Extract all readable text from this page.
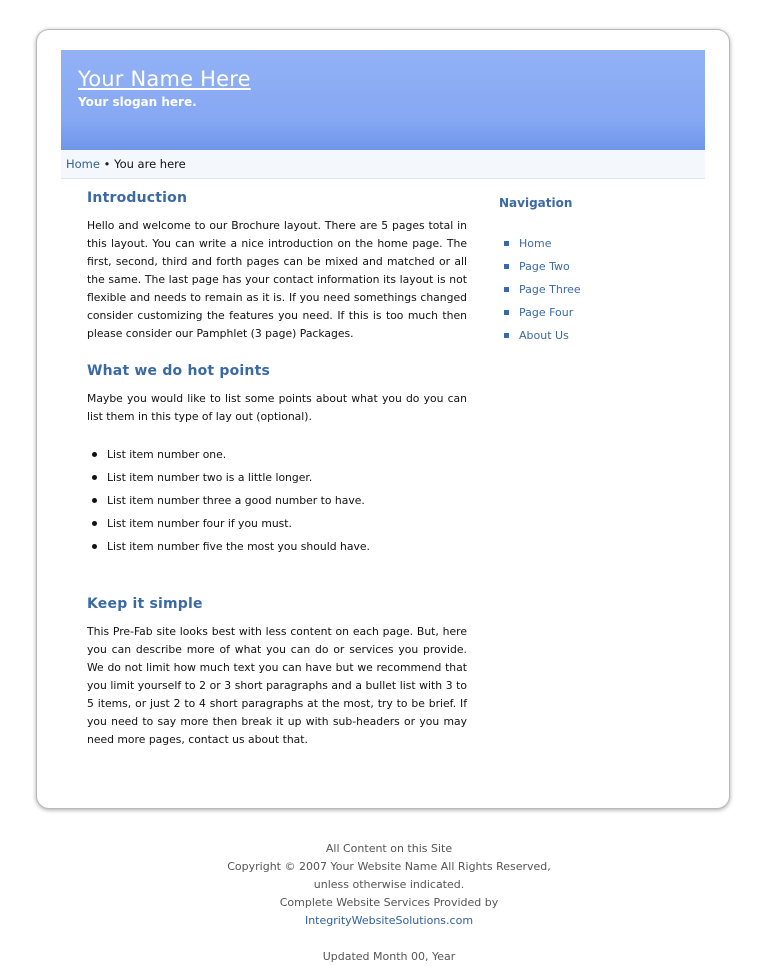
Your Name Here
Your slogan here.
Home • You are here
Introduction

Hello and welcome to our Brochure layout. There are 5 pages total in this layout. You can write a nice introduction on the home page. The first, second, third and forth pages can be mixed and matched or all the same. The last page has your contact information its layout is not flexible and needs to remain as it is. If you need somethings changed consider customizing the features you need. If this is too much then please consider our Pamphlet (3 page) Packages.

What we do hot points

Maybe you would like to list some points about what you do you can list them in this type of lay out (optional).

List item number one.
List item number two is a little longer.
List item number three a good number to have.
List item number four if you must.
List item number five the most you should have.
Keep it simple

This Pre-Fab site looks best with less content on each page. But, here you can describe more of what you can do or services you provide. We do not limit how much text you can have but we recommend that you limit yourself to 2 or 3 short paragraphs and a bullet list with 3 to 5 items, or just 2 to 4 short paragraphs at the most, try to be brief. If you need to say more then break it up with sub-headers or you may need more pages, contact us about that.

Navigation
Home
Page Two
Page Three
Page Four
About Us
All Content on this Site
Copyright © 2007 Your Website Name All Rights Reserved,
unless otherwise indicated.
Complete Website Services Provided by
IntegrityWebsiteSolutions.com
Updated Month 00, Year
